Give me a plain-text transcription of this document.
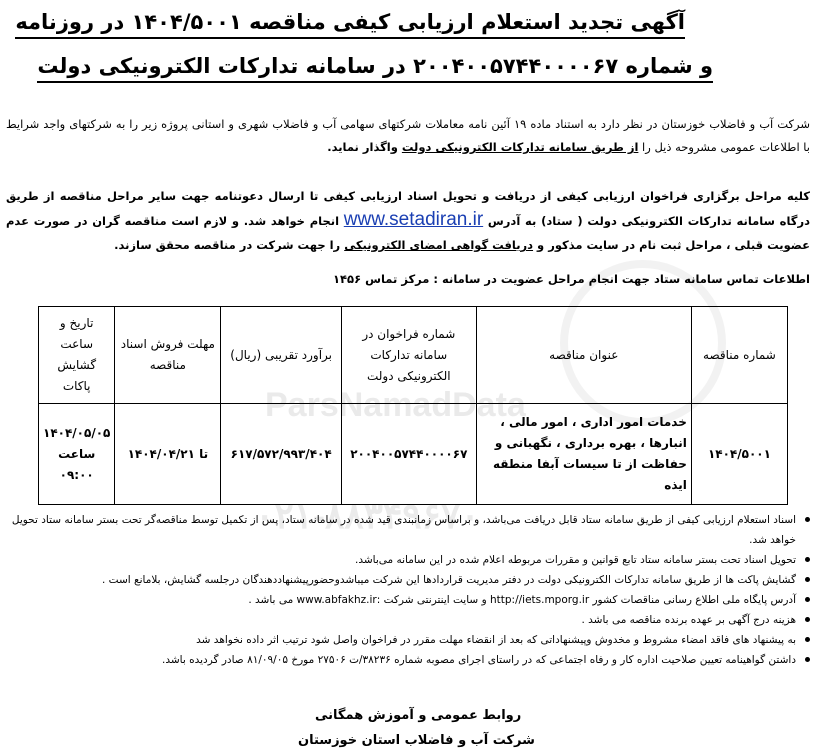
ParsNamadData
۰۲۱-۸۸۳۴۹۶۷۰
آگهی تجدید استعلام ارزیابی کیفی مناقصه ۱۴۰۴/۵۰۰۱ در روزنامه
و شماره ۲۰۰۴۰۰۵۷۴۴۰۰۰۰۶۷ در سامانه تدارکات الکترونیکی دولت
شرکت آب و فاضلاب خوزستان در نظر دارد به استناد ماده ۱۹ آئین نامه معاملات شرکتهای سهامی آب و فاضلاب شهری و استانی پروژه زیر را به شرکتهای واجد شرایط با اطلاعات عمومی مشروحه ذیل را از طریق سامانه تدارکات الکترونیکی دولت واگذار نماید.
کلیه مراحل برگزاری فراخوان ارزیابی کیفی از دریافت و تحویل اسناد ارزیابی کیفی تا ارسال دعوتنامه جهت سایر مراحل مناقصه از طریق درگاه سامانه تدارکات الکترونیکی دولت ( ستاد) به آدرس www.setadiran.ir انجام خواهد شد. و لازم است مناقصه گران در صورت عدم عضویت قبلی ، مراحل ثبت نام در سایت مذکور و دریافت گواهی امضای الکترونیکی را جهت شرکت در مناقصه محقق سازند.
اطلاعات تماس سامانه ستاد جهت انجام مراحل عضویت در سامانه : مرکز تماس ۱۴۵۶
شماره مناقصه	عنوان مناقصه	شماره فراخوان در سامانه تدارکات الکترونیکی دولت	برآورد تقریبی (ریال)	مهلت فروش اسناد مناقصه	تاریخ و ساعت گشایش پاکات
۱۴۰۴/۵۰۰۱	خدمات امور اداری ، امور مالی ، انبارها ، بهره برداری ، نگهبانی و حفاظت از تا سیسات آبفا منطقه ایذه	۲۰۰۴۰۰۵۷۴۴۰۰۰۰۶۷	۶۱۷/۵۷۲/۹۹۳/۴۰۴	تا ۱۴۰۴/۰۴/۲۱	۱۴۰۴/۰۵/۰۵ ساعت ۰۹:۰۰
اسناد استعلام ارزیابی کیفی از طریق سامانه ستاد قابل دریافت می‌باشد، و براساس زمانبندی قید شده در سامانه ستاد، پس از تکمیل توسط مناقصه‌گر تحت بستر سامانه ستاد تحویل خواهد شد.
تحویل اسناد تحت بستر سامانه ستاد تابع قوانین و مقررات مربوطه اعلام شده در این سامانه می‌باشد.
گشایش پاکت ها از طریق سامانه تدارکات الکترونیکی دولت در دفتر مدیریت قراردادها این شرکت میباشدوحضورپیشنهاددهندگان درجلسه گشایش، بلامانع است .
آدرس پایگاه ملی اطلاع رسانی مناقصات کشور http://iets.mporg.ir و سایت اینترنتی شرکت :www.abfakhz.ir می باشد .
هزینه درج آگهی بر عهده برنده مناقصه می باشد .
به پیشنهاد های فاقد امضاء مشروط و مخدوش وپیشنهاداتی که بعد از انقضاء مهلت مقرر در فراخوان واصل شود ترتیب اثر داده نخواهد شد
داشتن گواهینامه تعیین صلاحیت اداره کار و رفاه اجتماعی که در راستای اجرای مصوبه شماره ۳۸۲۳۶/ت ۲۷۵۰۶ مورخ ۸۱/۰۹/۰۵ صادر گردیده باشد.
روابط عمومی و آموزش همگانی
شرکت آب و فاضلاب استان خوزستان
